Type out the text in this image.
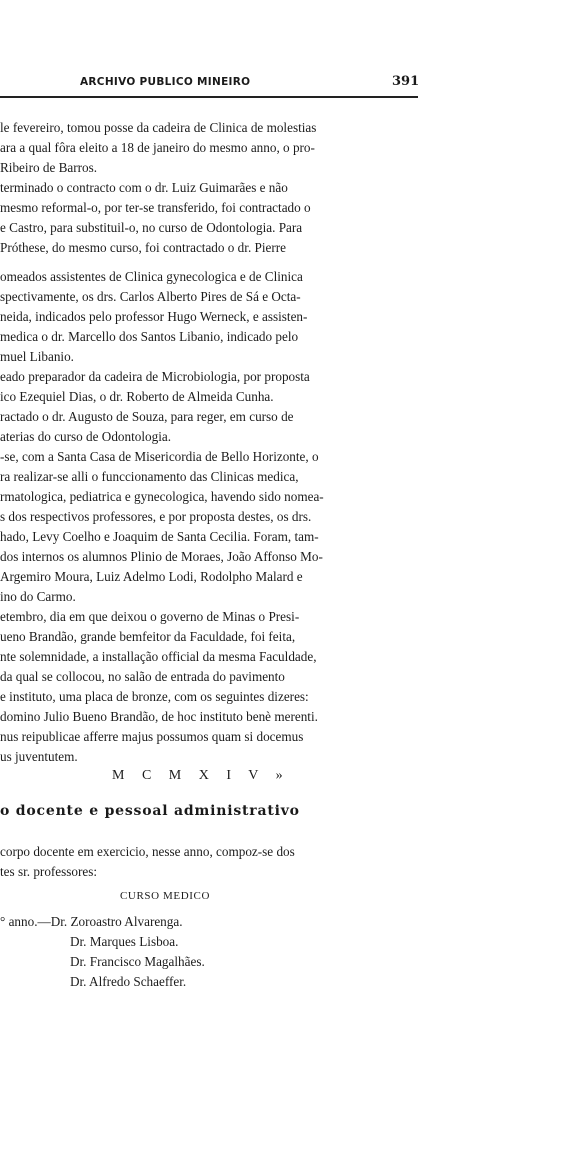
ARCHIVO PUBLICO MINEIRO	391
le fevereiro, tomou posse da cadeira de Clinica de molestias
ara a qual fôra eleito a 18 de janeiro do mesmo anno, o pro-
Ribeiro de Barros.
terminado o contracto com o dr. Luiz Guimarães e não
mesmo reformal-o, por ter-se transferido, foi contractado o
e Castro, para substituil-o, no curso de Odontologia. Para
Próthese, do mesmo curso, foi contractado o dr. Pierre
omeados assistentes de Clinica gynecologica e de Clinica
spectivamente, os drs. Carlos Alberto Pires de Sá e Octa-
neida, indicados pelo professor Hugo Werneck, e assisten-
medica o dr. Marcello dos Santos Libanio, indicado pelo
muel Libanio.
eado preparador da cadeira de Microbiologia, por proposta
ico Ezequiel Dias, o dr. Roberto de Almeida Cunha.
ractado o dr. Augusto de Souza, para reger, em curso de
aterias do curso de Odontologia.
-se, com a Santa Casa de Misericordia de Bello Horizonte, o
ra realizar-se alli o funccionamento das Clinicas medica,
rmatologica, pediatrica e gynecologica, havendo sido nomea-
s dos respectivos professores, e por proposta destes, os drs.
hado, Levy Coelho e Joaquim de Santa Cecilia. Foram, tam-
dos internos os alumnos Plinio de Moraes, João Affonso Mo-
Argemiro Moura, Luiz Adelmo Lodi, Rodolpho Malard e
ino do Carmo.
etembro, dia em que deixou o governo de Minas o Presi-
ueno Brandão, grande bemfeitor da Faculdade, foi feita,
nte solemnidade, a installação official da mesma Faculdade,
da qual se collocou, no salão de entrada do pavimento
e instituto, uma placa de bronze, com os seguintes dizeres:
domino Julio Bueno Brandão, de hoc instituto benè merenti.
nus reipublicae afferre majus possumos quam si docemus
us juventutem.
M C M X I V »
o docente e pessoal administrativo
corpo docente em exercicio, nesse anno, compoz-se dos
tes sr. professores:
CURSO MEDICO
° anno.—Dr. Zoroastro Alvarenga.
Dr. Marques Lisboa.
Dr. Francisco Magalhães.
Dr. Alfredo Schaeffer.
